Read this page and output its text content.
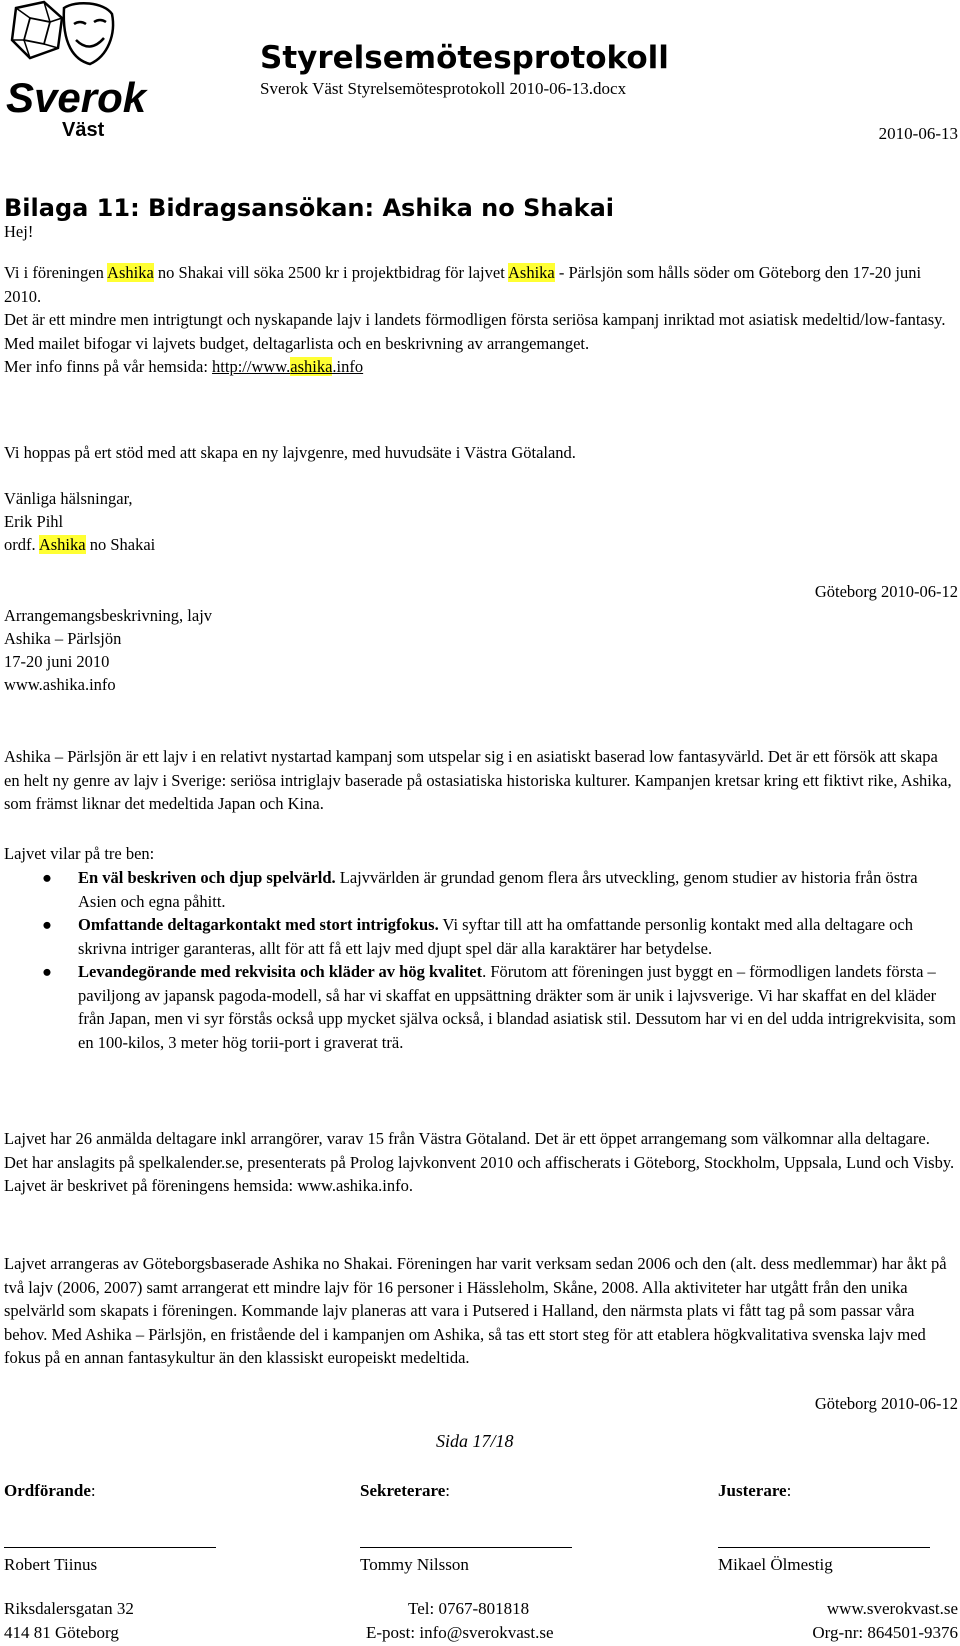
Sverok
Väst
Styrelsemötesprotokoll
Sverok Väst Styrelsemötesprotokoll 2010-06-13.docx
2010-06-13
Bilaga 11: Bidragsansökan: Ashika no Shakai
Hej!

Vi i föreningen Ashika no Shakai vill söka 2500 kr i projektbidrag för lajvet Ashika - Pärlsjön som hålls söder om Göteborg den 17-20 juni 2010.

Det är ett mindre men intrigtungt och nyskapande lajv i landets förmodligen första seriösa kampanj inriktad mot asiatisk medeltid/low-fantasy.

Med mailet bifogar vi lajvets budget, deltagarlista och en beskrivning av arrangemanget.

Mer info finns på vår hemsida: http://www.ashika.info

Vi hoppas på ert stöd med att skapa en ny lajvgenre, med huvudsäte i Västra Götaland.
Vänliga hälsningar,
Erik Pihl
ordf. Ashika no Shakai
Göteborg 2010-06-12
Arrangemangsbeskrivning, lajv
Ashika – Pärlsjön
17-20 juni 2010
www.ashika.info
Ashika – Pärlsjön är ett lajv i en relativt nystartad kampanj som utspelar sig i en asiatiskt baserad low fantasyvärld. Det är ett försök att skapa en helt ny genre av lajv i Sverige: seriösa intriglajv baserade på ostasiatiska historiska kulturer. Kampanjen kretsar kring ett fiktivt rike, Ashika, som främst liknar det medeltida Japan och Kina.
Lajvet vilar på tre ben:
● En väl beskriven och djup spelvärld. Lajvvärlden är grundad genom flera års utveckling, genom studier av historia från östra Asien och egna påhitt.
● Omfattande deltagarkontakt med stort intrigfokus. Vi syftar till att ha omfattande personlig kontakt med alla deltagare och skrivna intriger garanteras, allt för att få ett lajv med djupt spel där alla karaktärer har betydelse.
● Levandegörande med rekvisita och kläder av hög kvalitet. Förutom att föreningen just byggt en – förmodligen landets första – paviljong av japansk pagoda-modell, så har vi skaffat en uppsättning dräkter som är unik i lajvsverige. Vi har skaffat en del kläder från Japan, men vi syr förstås också upp mycket själva också, i blandad asiatisk stil. Dessutom har vi en del udda intrigrekvisita, som en 100-kilos, 3 meter hög torii-port i graverat trä.
Lajvet har 26 anmälda deltagare inkl arrangörer, varav 15 från Västra Götaland. Det är ett öppet arrangemang som välkomnar alla deltagare. Det har anslagits på spelkalender.se, presenterats på Prolog lajvkonvent 2010 och affischerats i Göteborg, Stockholm, Uppsala, Lund och Visby. Lajvet är beskrivet på föreningens hemsida: www.ashika.info.
Lajvet arrangeras av Göteborgsbaserade Ashika no Shakai. Föreningen har varit verksam sedan 2006 och den (alt. dess medlemmar) har åkt på två lajv (2006, 2007) samt arrangerat ett mindre lajv för 16 personer i Hässleholm, Skåne, 2008. Alla aktiviteter har utgått från den unika spelvärld som skapats i föreningen. Kommande lajv planeras att vara i Putsered i Halland, den närmsta plats vi fått tag på som passar våra behov. Med Ashika – Pärlsjön, en fristående del i kampanjen om Ashika, så tas ett stort steg för att etablera högkvalitativa svenska lajv med fokus på en annan fantasykultur än den klassiskt europeiskt medeltida.
Göteborg 2010-06-12
Sida 17/18
Ordförande:	Sekreterare:	Justerare:
Robert Tiinus	Tommy Nilsson	Mikael Ölmestig
Riksdalersgatan 32
414 81 Göteborg
Tel: 0767-801818
E-post: info@sverokvast.se
www.sverokvast.se
Org-nr: 864501-9376
